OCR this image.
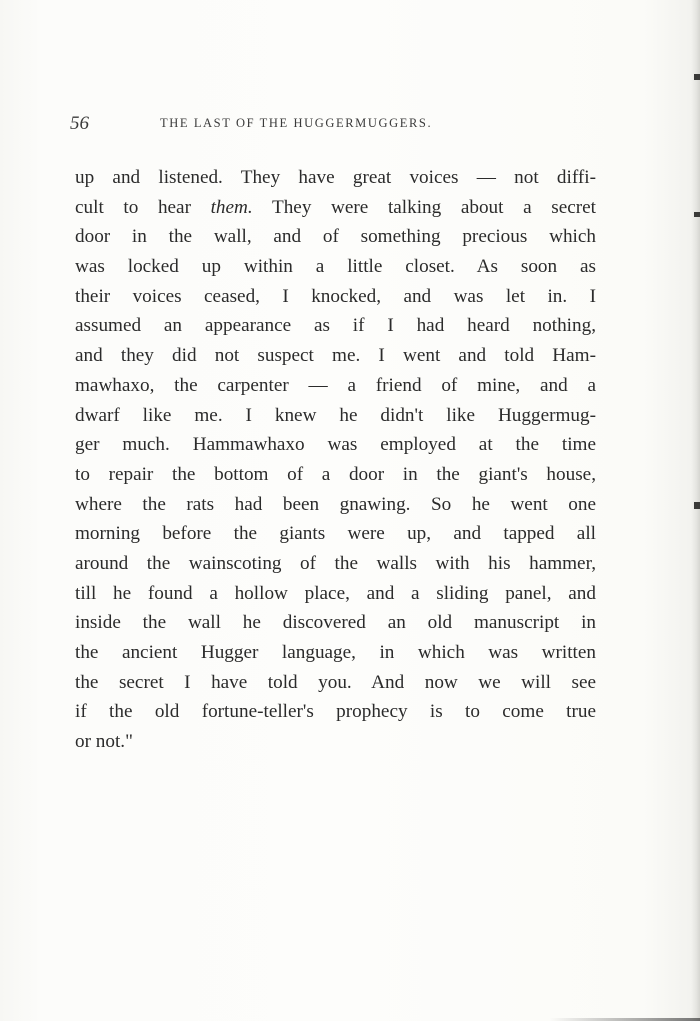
56	THE LAST OF THE HUGGERMUGGERS.
up and listened. They have great voices — not diffi-
cult to hear them. They were talking about a secret
door in the wall, and of something precious which
was locked up within a little closet. As soon as
their voices ceased, I knocked, and was let in. I
assumed an appearance as if I had heard nothing,
and they did not suspect me. I went and told Ham-
mawhaxo, the carpenter — a friend of mine, and a
dwarf like me. I knew he didn't like Huggermug-
ger much. Hammawhaxo was employed at the time
to repair the bottom of a door in the giant's house,
where the rats had been gnawing. So he went one
morning before the giants were up, and tapped all
around the wainscoting of the walls with his hammer,
till he found a hollow place, and a sliding panel, and
inside the wall he discovered an old manuscript in
the ancient Hugger language, in which was written
the secret I have told you. And now we will see
if the old fortune-teller's prophecy is to come true
or not."
